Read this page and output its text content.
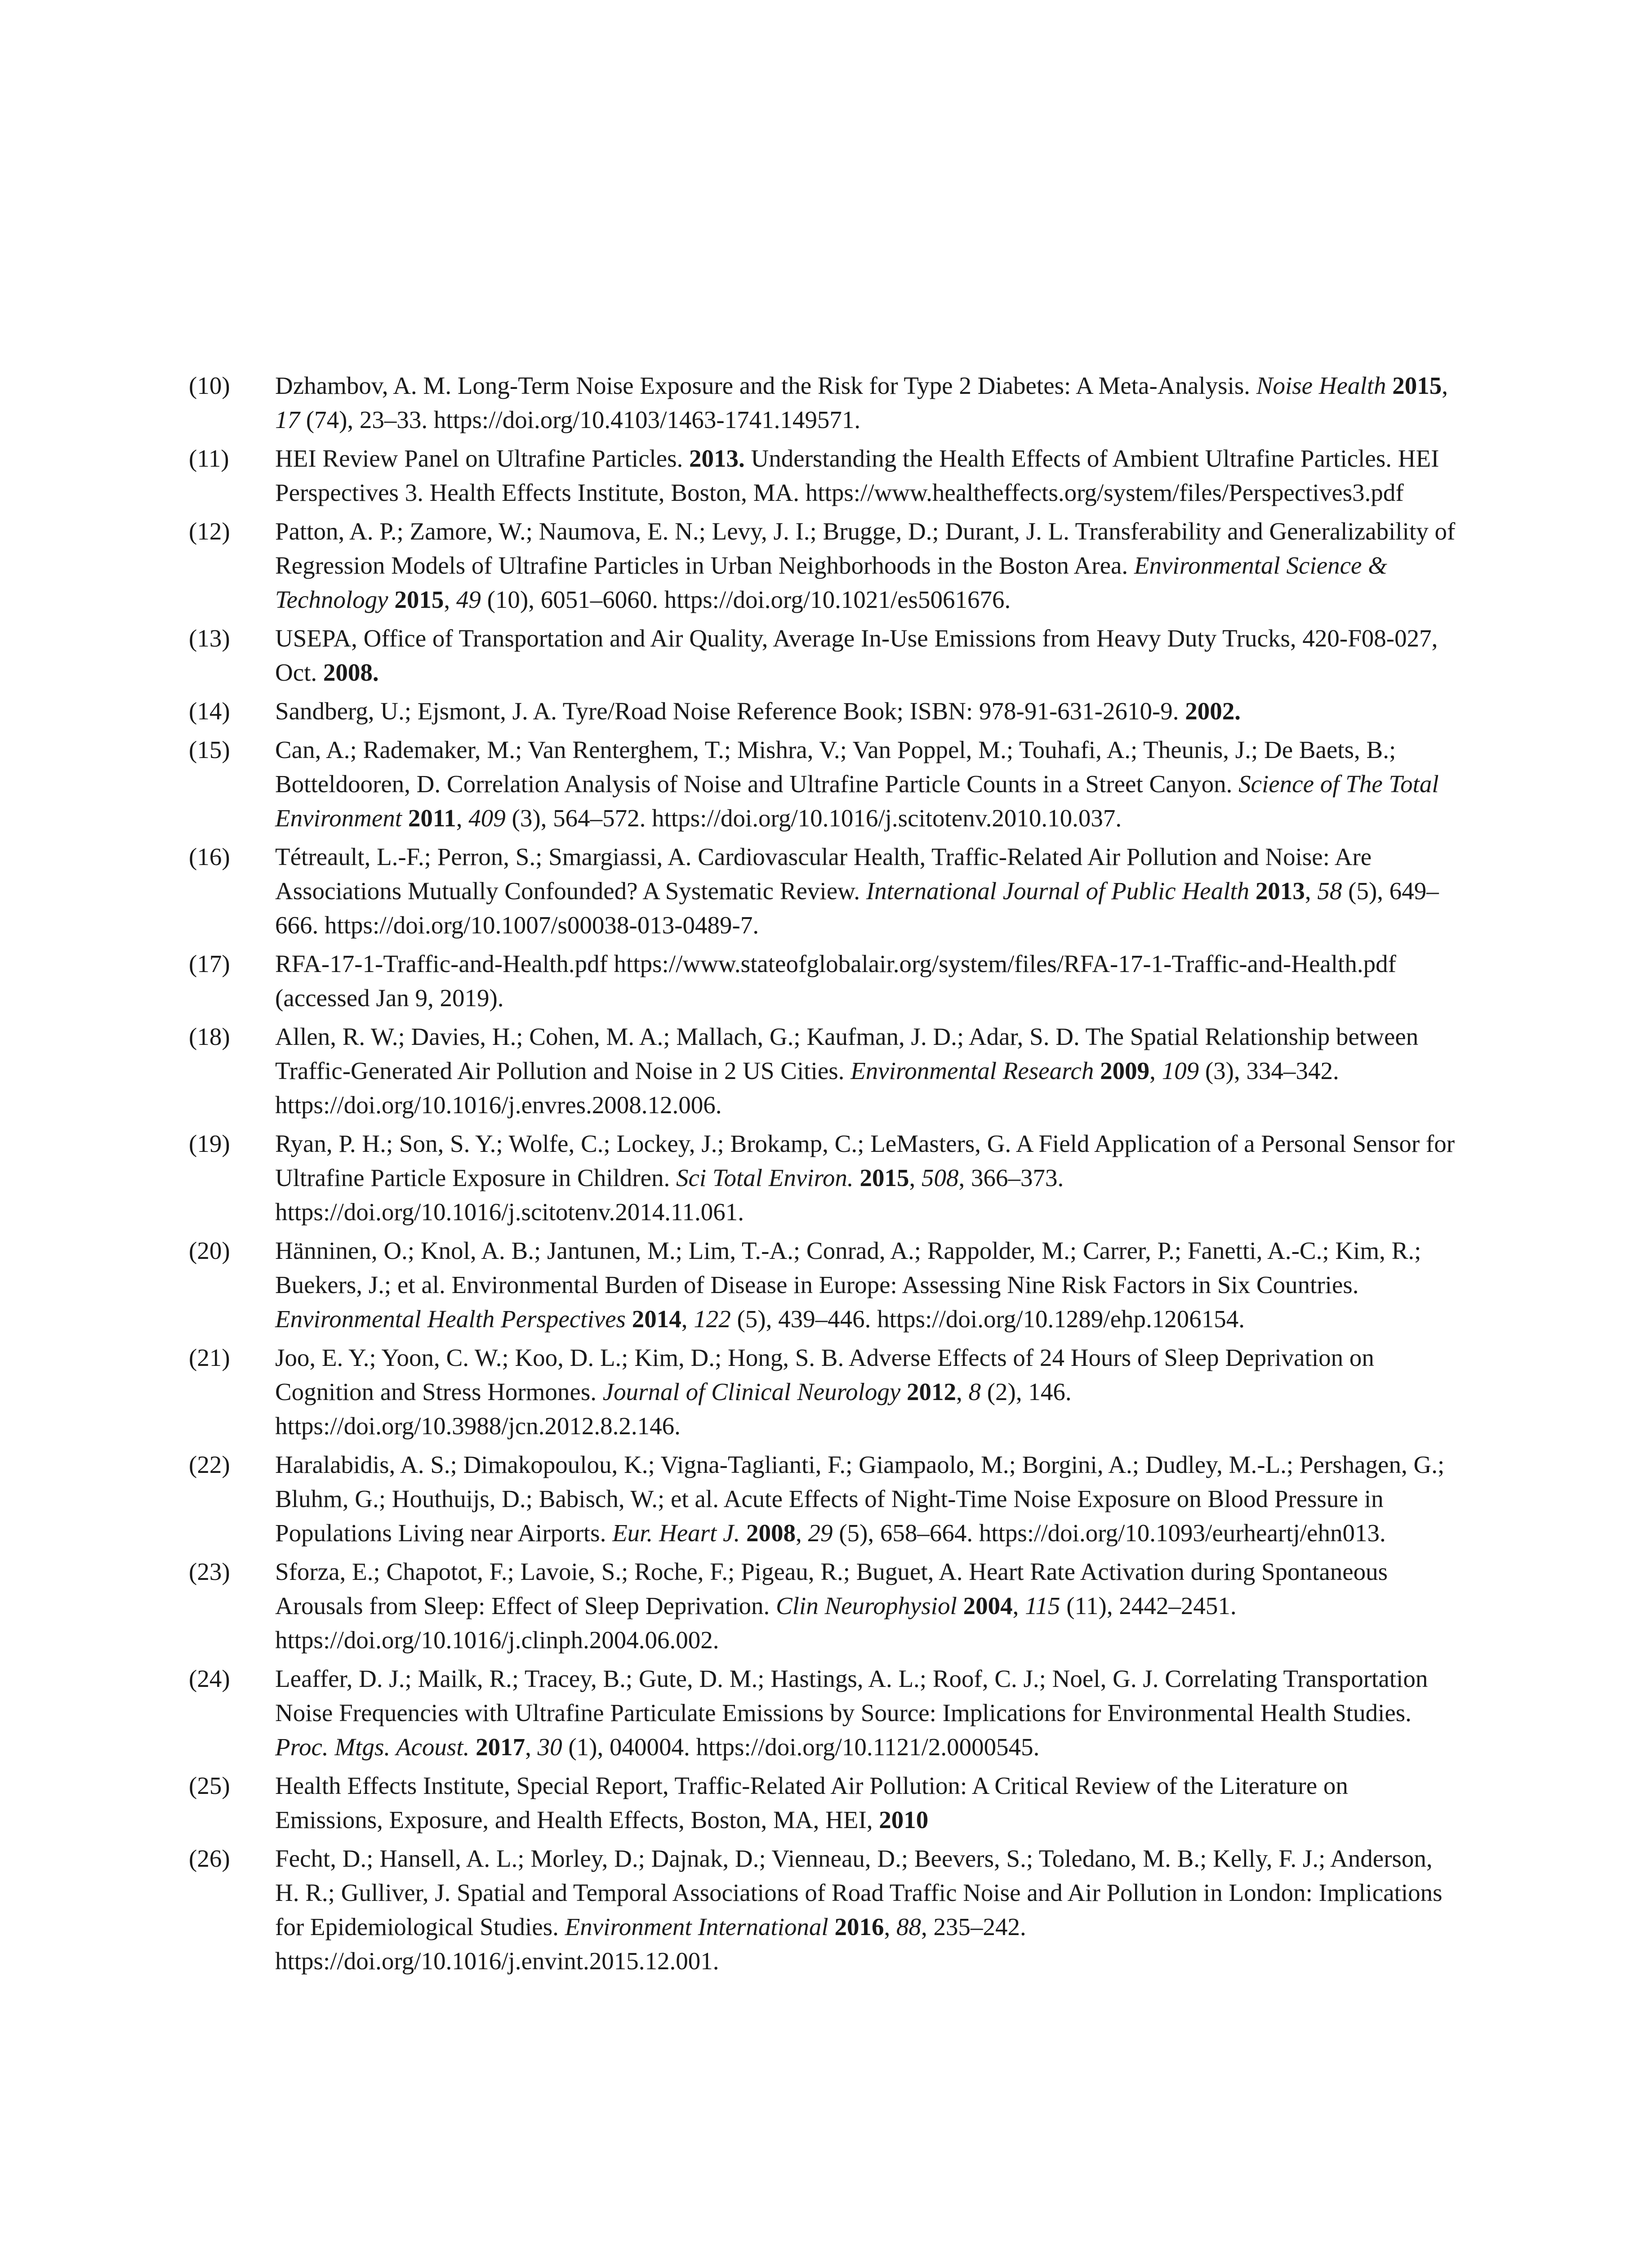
(10) Dzhambov, A. M. Long-Term Noise Exposure and the Risk for Type 2 Diabetes: A Meta-Analysis. Noise Health 2015, 17 (74), 23–33. https://doi.org/10.4103/1463-1741.149571.
(11) HEI Review Panel on Ultrafine Particles. 2013. Understanding the Health Effects of Ambient Ultrafine Particles. HEI Perspectives 3. Health Effects Institute, Boston, MA. https://www.healtheffects.org/system/files/Perspectives3.pdf
(12) Patton, A. P.; Zamore, W.; Naumova, E. N.; Levy, J. I.; Brugge, D.; Durant, J. L. Transferability and Generalizability of Regression Models of Ultrafine Particles in Urban Neighborhoods in the Boston Area. Environmental Science & Technology 2015, 49 (10), 6051–6060. https://doi.org/10.1021/es5061676.
(13) USEPA, Office of Transportation and Air Quality, Average In-Use Emissions from Heavy Duty Trucks, 420-F08-027, Oct. 2008.
(14) Sandberg, U.; Ejsmont, J. A. Tyre/Road Noise Reference Book; ISBN: 978-91-631-2610-9. 2002.
(15) Can, A.; Rademaker, M.; Van Renterghem, T.; Mishra, V.; Van Poppel, M.; Touhafi, A.; Theunis, J.; De Baets, B.; Botteldooren, D. Correlation Analysis of Noise and Ultrafine Particle Counts in a Street Canyon. Science of The Total Environment 2011, 409 (3), 564–572. https://doi.org/10.1016/j.scitotenv.2010.10.037.
(16) Tétreault, L.-F.; Perron, S.; Smargiassi, A. Cardiovascular Health, Traffic-Related Air Pollution and Noise: Are Associations Mutually Confounded? A Systematic Review. International Journal of Public Health 2013, 58 (5), 649–666. https://doi.org/10.1007/s00038-013-0489-7.
(17) RFA-17-1-Traffic-and-Health.pdf https://www.stateofglobalair.org/system/files/RFA-17-1-Traffic-and-Health.pdf (accessed Jan 9, 2019).
(18) Allen, R. W.; Davies, H.; Cohen, M. A.; Mallach, G.; Kaufman, J. D.; Adar, S. D. The Spatial Relationship between Traffic-Generated Air Pollution and Noise in 2 US Cities. Environmental Research 2009, 109 (3), 334–342. https://doi.org/10.1016/j.envres.2008.12.006.
(19) Ryan, P. H.; Son, S. Y.; Wolfe, C.; Lockey, J.; Brokamp, C.; LeMasters, G. A Field Application of a Personal Sensor for Ultrafine Particle Exposure in Children. Sci Total Environ. 2015, 508, 366–373. https://doi.org/10.1016/j.scitotenv.2014.11.061.
(20) Hänninen, O.; Knol, A. B.; Jantunen, M.; Lim, T.-A.; Conrad, A.; Rappolder, M.; Carrer, P.; Fanetti, A.-C.; Kim, R.; Buekers, J.; et al. Environmental Burden of Disease in Europe: Assessing Nine Risk Factors in Six Countries. Environmental Health Perspectives 2014, 122 (5), 439–446. https://doi.org/10.1289/ehp.1206154.
(21) Joo, E. Y.; Yoon, C. W.; Koo, D. L.; Kim, D.; Hong, S. B. Adverse Effects of 24 Hours of Sleep Deprivation on Cognition and Stress Hormones. Journal of Clinical Neurology 2012, 8 (2), 146. https://doi.org/10.3988/jcn.2012.8.2.146.
(22) Haralabidis, A. S.; Dimakopoulou, K.; Vigna-Taglianti, F.; Giampaolo, M.; Borgini, A.; Dudley, M.-L.; Pershagen, G.; Bluhm, G.; Houthuijs, D.; Babisch, W.; et al. Acute Effects of Night-Time Noise Exposure on Blood Pressure in Populations Living near Airports. Eur. Heart J. 2008, 29 (5), 658–664. https://doi.org/10.1093/eurheartj/ehn013.
(23) Sforza, E.; Chapotot, F.; Lavoie, S.; Roche, F.; Pigeau, R.; Buguet, A. Heart Rate Activation during Spontaneous Arousals from Sleep: Effect of Sleep Deprivation. Clin Neurophysiol 2004, 115 (11), 2442–2451. https://doi.org/10.1016/j.clinph.2004.06.002.
(24) Leaffer, D. J.; Mailk, R.; Tracey, B.; Gute, D. M.; Hastings, A. L.; Roof, C. J.; Noel, G. J. Correlating Transportation Noise Frequencies with Ultrafine Particulate Emissions by Source: Implications for Environmental Health Studies. Proc. Mtgs. Acoust. 2017, 30 (1), 040004. https://doi.org/10.1121/2.0000545.
(25) Health Effects Institute, Special Report, Traffic-Related Air Pollution: A Critical Review of the Literature on Emissions, Exposure, and Health Effects, Boston, MA, HEI, 2010
(26) Fecht, D.; Hansell, A. L.; Morley, D.; Dajnak, D.; Vienneau, D.; Beevers, S.; Toledano, M. B.; Kelly, F. J.; Anderson, H. R.; Gulliver, J. Spatial and Temporal Associations of Road Traffic Noise and Air Pollution in London: Implications for Epidemiological Studies. Environment International 2016, 88, 235–242. https://doi.org/10.1016/j.envint.2015.12.001.
